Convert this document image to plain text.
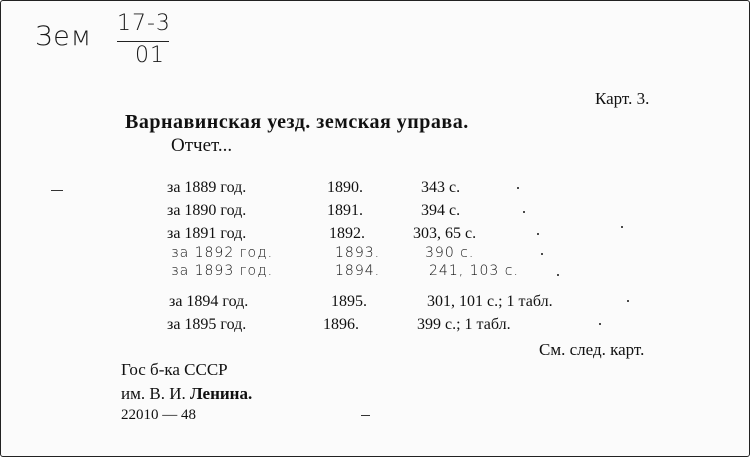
Зем 17-3
01
Карт. 3.
Варнавинская уезд. земская управа.
Отчет...
за 1889 год.	1890.	343 с.
за 1890 год.	1891.	394 с.
за 1891 год.	1892.	303, 65 с.
за 1892 год.	1893.	390 с.
за 1893 год.	1894.	241, 103 с.
за 1894 год.	1895.	301, 101 с.; 1 табл.
за 1895 год.	1896.	399 с.; 1 табл.
См. след. карт.
Гос б-ка СССР
им. В. И. Ленина.
22010 — 48
